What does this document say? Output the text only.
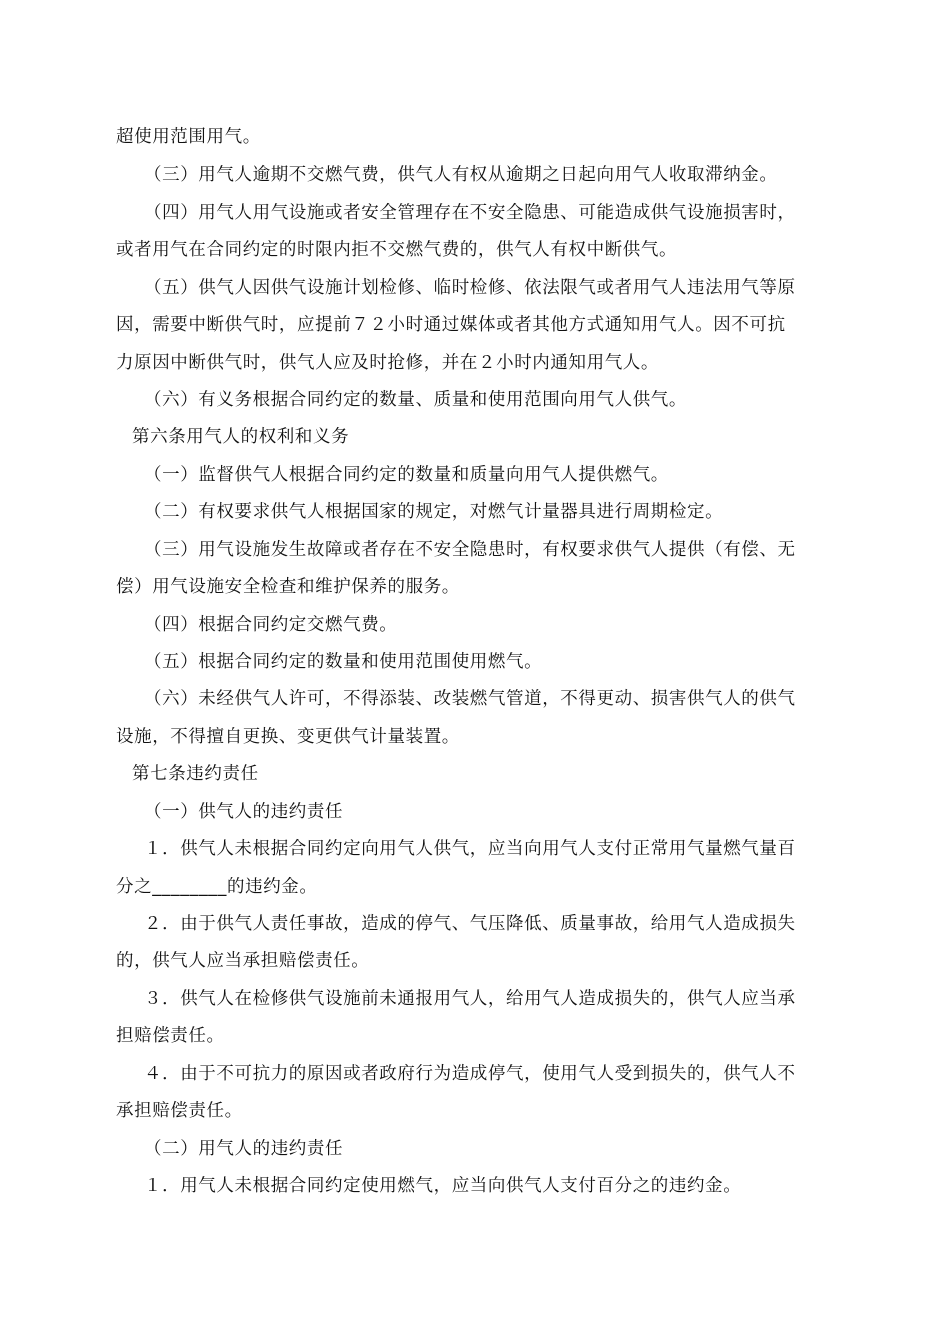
超使用范围用气。
（三）用气人逾期不交燃气费，供气人有权从逾期之日起向用气人收取滞纳金。
（四）用气人用气设施或者安全管理存在不安全隐患、可能造成供气设施损害时，
或者用气在合同约定的时限内拒不交燃气费的，供气人有权中断供气。
（五）供气人因供气设施计划检修、临时检修、依法限气或者用气人违法用气等原
因，需要中断供气时，应提前７２小时通过媒体或者其他方式通知用气人。因不可抗
力原因中断供气时，供气人应及时抢修，并在２小时内通知用气人。
（六）有义务根据合同约定的数量、质量和使用范围向用气人供气。
第六条用气人的权利和义务
（一）监督供气人根据合同约定的数量和质量向用气人提供燃气。
（二）有权要求供气人根据国家的规定，对燃气计量器具进行周期检定。
（三）用气设施发生故障或者存在不安全隐患时，有权要求供气人提供（有偿、无
偿）用气设施安全检查和维护保养的服务。
（四）根据合同约定交燃气费。
（五）根据合同约定的数量和使用范围使用燃气。
（六）未经供气人许可，不得添装、改装燃气管道，不得更动、损害供气人的供气
设施，不得擅自更换、变更供气计量装置。
第七条违约责任
（一）供气人的违约责任
１．供气人未根据合同约定向用气人供气，应当向用气人支付正常用气量燃气量百
分之________的违约金。
２．由于供气人责任事故，造成的停气、气压降低、质量事故，给用气人造成损失
的，供气人应当承担赔偿责任。
３．供气人在检修供气设施前未通报用气人，给用气人造成损失的，供气人应当承
担赔偿责任。
４．由于不可抗力的原因或者政府行为造成停气，使用气人受到损失的，供气人不
承担赔偿责任。
（二）用气人的违约责任
１．用气人未根据合同约定使用燃气，应当向供气人支付百分之的违约金。
